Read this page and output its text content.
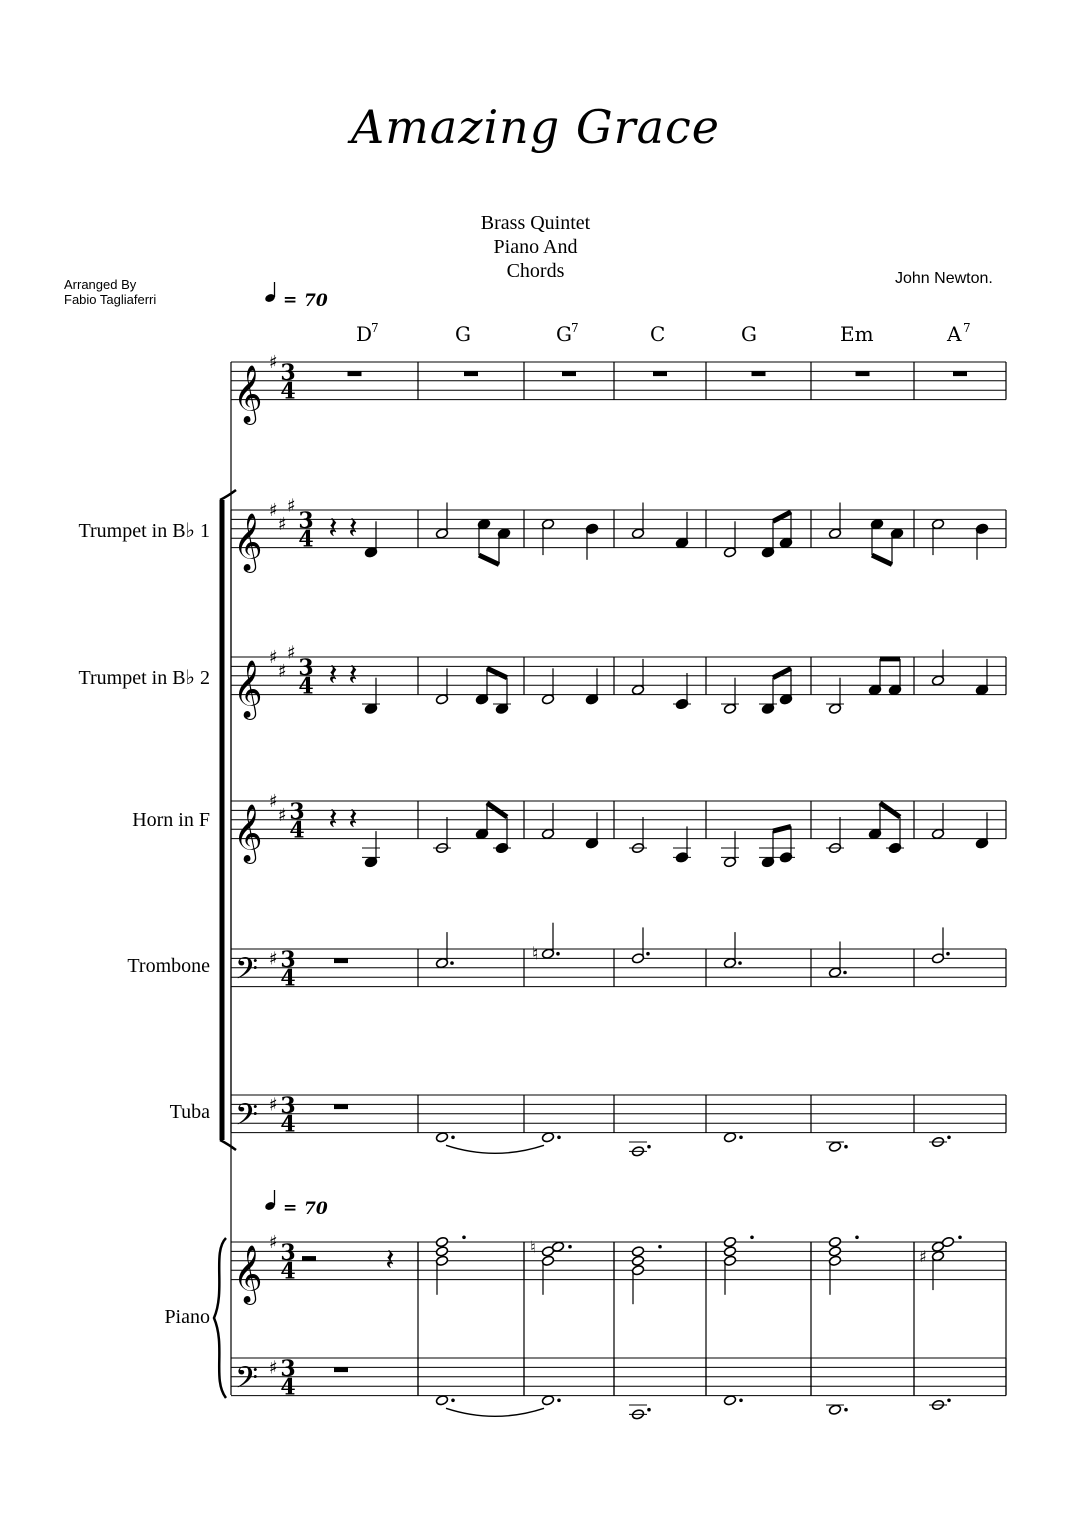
Amazing Grace
Brass Quintet
Piano And
Chords
Arranged By
Fabio Tagliaferri
John Newton.
Trumpet in B♭ 1
Trumpet in B♭ 2
Horn in F
Trombone
Tuba
Piano
𝄞
♯ 3
4
𝄞
♯
♯
♯
3
4
𝄞
♯
♯
♯
3
4
𝄞
♯
♯ 3
4
𝄢 ♯ 3
4
𝄢 ♯ 3
4
𝄞
♯ 3
4
𝄢 ♯ 3
4
𝄽 𝄽
𝄽 𝄽
𝄽 𝄽
♮
𝄽	♮	♯
= 70
= 70
D
7	G	G 7	C	G	Em	A 7
